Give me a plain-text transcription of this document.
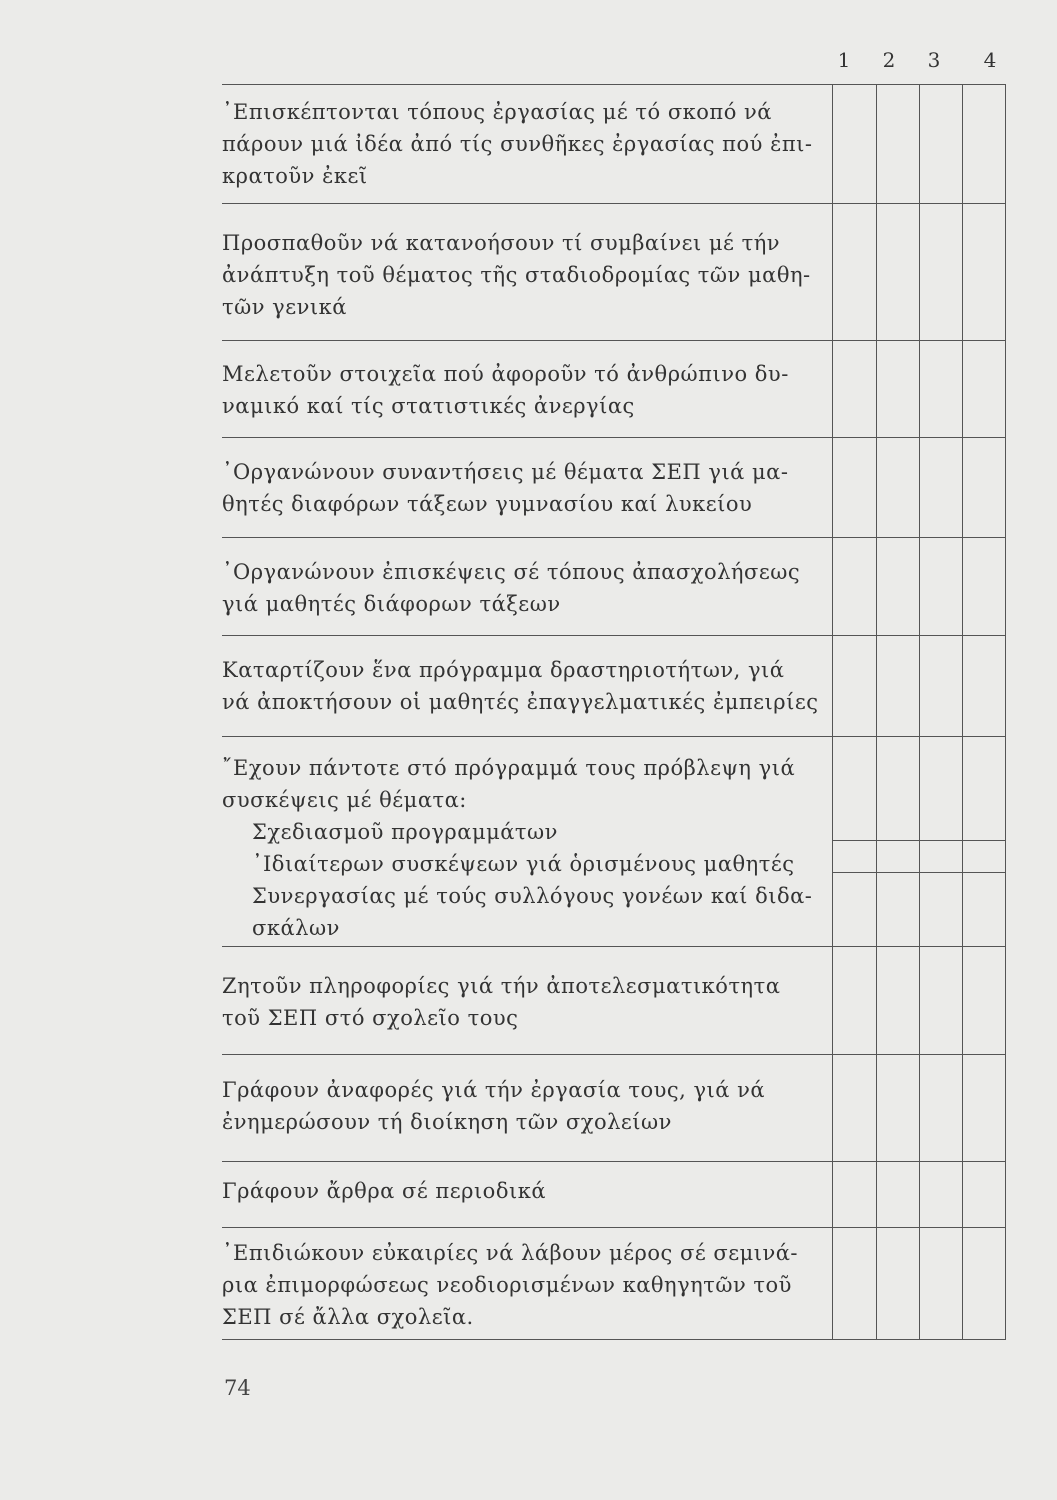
1 2 3 4
᾿Επισκέπτονται τόπους ἐργασίας μέ τό σκοπό νά
πάρουν μιά ἰδέα ἀπό τίς συνθῆκες ἐργασίας πού ἐπι-
κρατοῦν ἐκεῖ
Προσπαθοῦν νά κατανοήσουν τί συμβαίνει μέ τήν
ἀνάπτυξη τοῦ θέματος τῆς σταδιοδρομίας τῶν μαθη-
τῶν γενικά
Μελετοῦν στοιχεῖα πού ἀφοροῦν τό ἀνθρώπινο δυ-
ναμικό καί τίς στατιστικές ἀνεργίας
᾿Οργανώνουν συναντήσεις μέ θέματα ΣΕΠ γιά μα-
θητές διαφόρων τάξεων γυμνασίου καί λυκείου
᾿Οργανώνουν ἐπισκέψεις σέ τόπους ἀπασχολήσεως
γιά μαθητές διάφορων τάξεων
Καταρτίζουν ἕνα πρόγραμμα δραστηριοτήτων, γιά
νά ἀποκτήσουν οἱ μαθητές ἐπαγγελματικές ἐμπειρίες
῎Εχουν πάντοτε στό πρόγραμμά τους πρόβλεψη γιά
συσκέψεις μέ θέματα:
Σχεδιασμοῦ προγραμμάτων
᾿Ιδιαίτερων συσκέψεων γιά ὁρισμένους μαθητές
Συνεργασίας μέ τούς συλλόγους γονέων καί διδα-
σκάλων
Ζητοῦν πληροφορίες γιά τήν ἀποτελεσματικότητα
τοῦ ΣΕΠ στό σχολεῖο τους
Γράφουν ἀναφορές γιά τήν ἐργασία τους, γιά νά
ἐνημερώσουν τή διοίκηση τῶν σχολείων
Γράφουν ἄρθρα σέ περιοδικά
᾿Επιδιώκουν εὐκαιρίες νά λάβουν μέρος σέ σεμινά-
ρια ἐπιμορφώσεως νεοδιορισμένων καθηγητῶν τοῦ
ΣΕΠ σέ ἄλλα σχολεῖα.
74
